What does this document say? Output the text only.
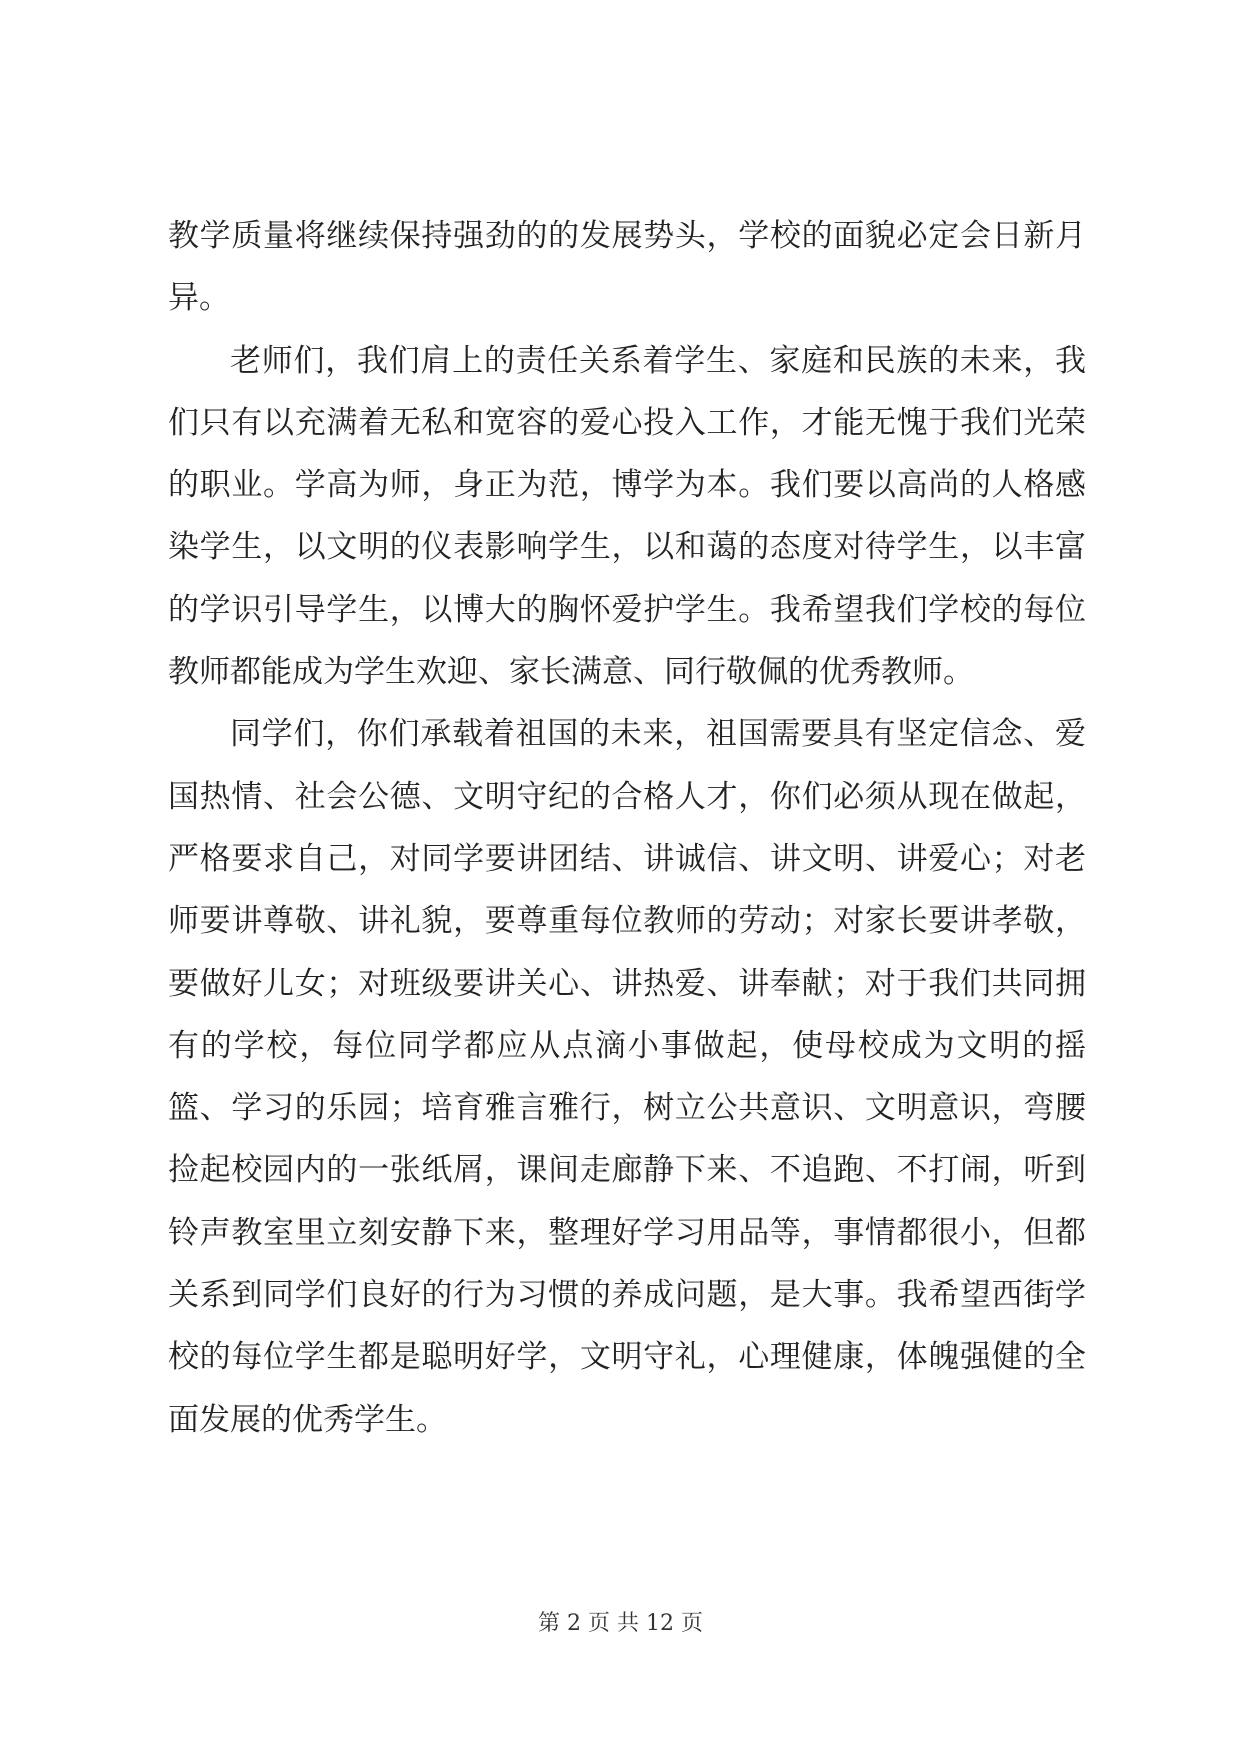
教学质量将继续保持强劲的的发展势头，学校的面貌必定会日新月异。

老师们，我们肩上的责任关系着学生、家庭和民族的未来，我们只有以充满着无私和宽容的爱心投入工作，才能无愧于我们光荣的职业。学高为师，身正为范，博学为本。我们要以高尚的人格感染学生，以文明的仪表影响学生，以和蔼的态度对待学生，以丰富的学识引导学生，以博大的胸怀爱护学生。我希望我们学校的每位教师都能成为学生欢迎、家长满意、同行敬佩的优秀教师。

同学们，你们承载着祖国的未来，祖国需要具有坚定信念、爱国热情、社会公德、文明守纪的合格人才，你们必须从现在做起，严格要求自己，对同学要讲团结、讲诚信、讲文明、讲爱心；对老师要讲尊敬、讲礼貌，要尊重每位教师的劳动；对家长要讲孝敬，要做好儿女；对班级要讲关心、讲热爱、讲奉献；对于我们共同拥有的学校，每位同学都应从点滴小事做起，使母校成为文明的摇篮、学习的乐园；培育雅言雅行，树立公共意识、文明意识，弯腰捡起校园内的一张纸屑，课间走廊静下来、不追跑、不打闹，听到铃声教室里立刻安静下来，整理好学习用品等，事情都很小，但都关系到同学们良好的行为习惯的养成问题，是大事。我希望西街学校的每位学生都是聪明好学，文明守礼，心理健康，体魄强健的全面发展的优秀学生。

第 2 页 共 12 页
